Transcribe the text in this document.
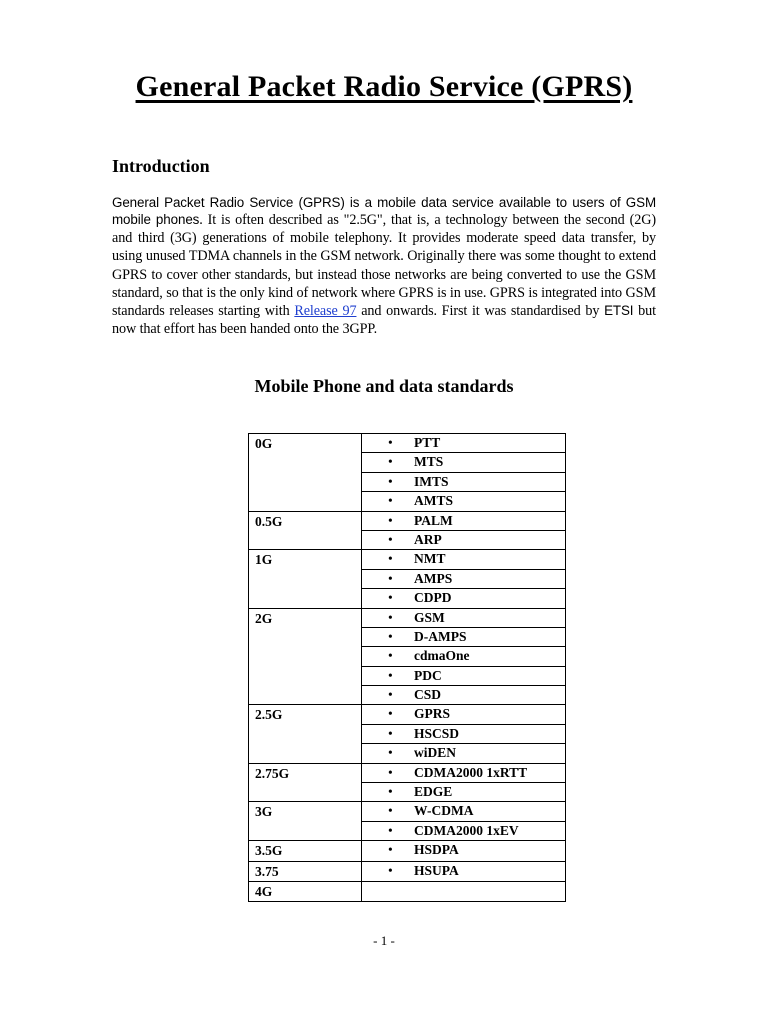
General Packet Radio Service (GPRS)
Introduction

General Packet Radio Service (GPRS) is a mobile data service available to users of GSM mobile phones. It is often described as "2.5G", that is, a technology between the second (2G) and third (3G) generations of mobile telephony. It provides moderate speed data transfer, by using unused TDMA channels in the GSM network. Originally there was some thought to extend GPRS to cover other standards, but instead those networks are being converted to use the GSM standard, so that is the only kind of network where GPRS is in use. GPRS is integrated into GSM standards releases starting with Release 97 and onwards. First it was standardised by ETSI but now that effort has been handed onto the 3GPP.

Mobile Phone and data standards
0G	• PTT

	• MTS

	• IMTS

	• AMTS
0.5G	• PALM

	• ARP
1G	• NMT

	• AMPS

	• CDPD
2G	• GSM

	• D-AMPS

	• cdmaOne

	• PDC

	• CSD
2.5G	• GPRS

	• HSCSD

	• wiDEN
2.75G	• CDMA2000 1xRTT

	• EDGE
3G	• W-CDMA

	• CDMA2000 1xEV
3.5G	• HSDPA
3.75	• HSUPA
4G	

- 1 -
